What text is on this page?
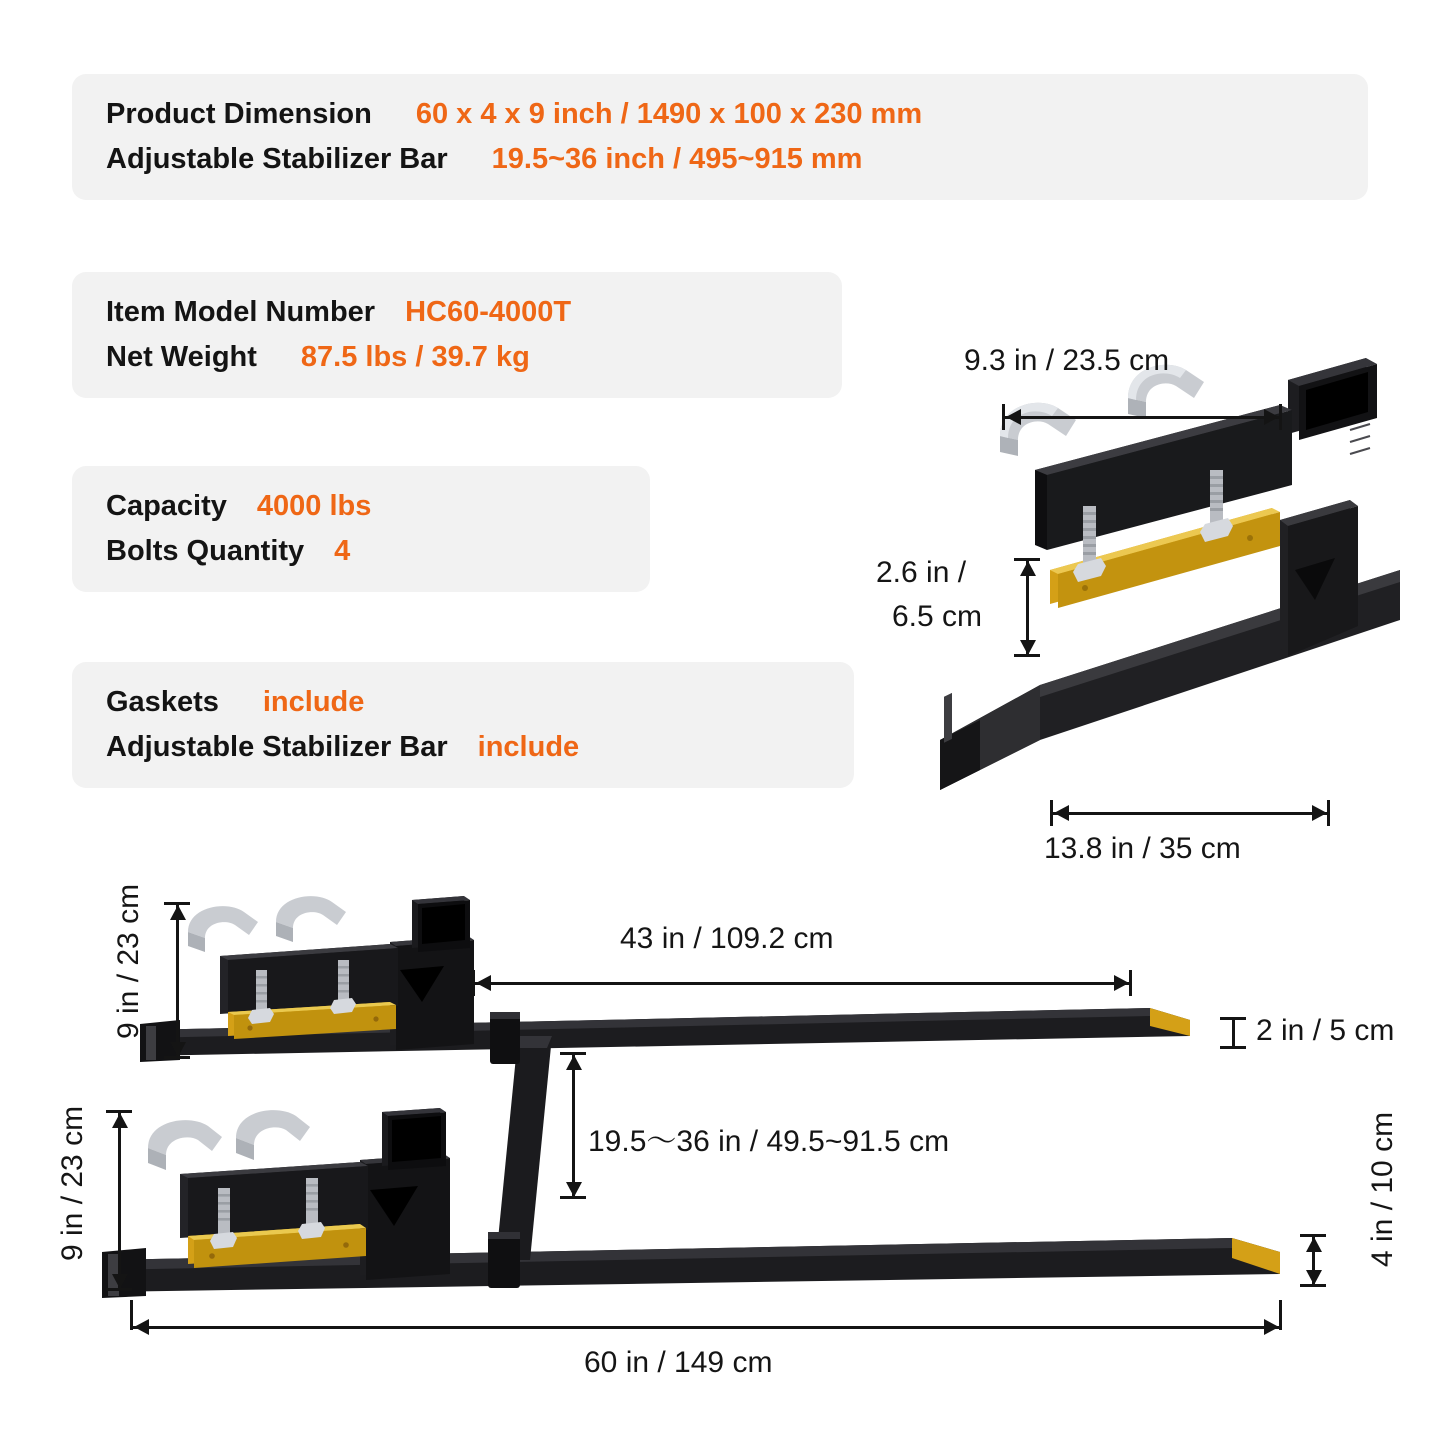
Product Dimension 60 x 4 x 9 inch / 1490 x 100 x 230 mm
Adjustable Stabilizer Bar 19.5~36 inch / 495~915 mm
Item Model Number HC60-4000T
Net Weight 87.5 lbs / 39.7 kg
Capacity 4000 lbs
Bolts Quantity 4
Gaskets include
Adjustable Stabilizer Bar include
9.3 in / 23.5 cm
2.6 in /
6.5 cm
13.8 in / 35 cm
9 in / 23 cm
9 in / 23 cm
43 in / 109.2 cm
2 in / 5 cm
19.5～36 in / 49.5~91.5 cm	4 in / 10 cm
60 in / 149 cm
